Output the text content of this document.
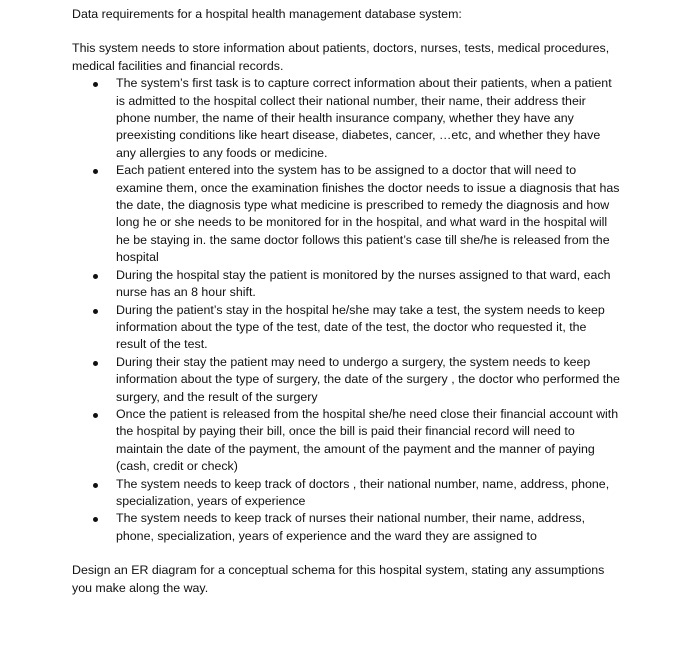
Data requirements for a hospital health management database system:

This system needs to store information about patients, doctors, nurses, tests, medical procedures, medical facilities and financial records.

The system’s first task is to capture correct information about their patients, when a patient is admitted to the hospital collect their national number, their name, their address their phone number, the name of their health insurance company, whether they have any preexisting conditions like heart disease, diabetes, cancer, …etc, and whether they have any allergies to any foods or medicine.
Each patient entered into the system has to be assigned to a doctor that will need to examine them, once the examination finishes the doctor needs to issue a diagnosis that has the date, the diagnosis type what medicine is prescribed to remedy the diagnosis and how long he or she needs to be monitored for in the hospital, and what ward in the hospital will he be staying in. the same doctor follows this patient’s case till she/he is released from the hospital
During the hospital stay the patient is monitored by the nurses assigned to that ward, each nurse has an 8 hour shift.
During the patient’s stay in the hospital he/she may take a test, the system needs to keep information about the type of the test, date of the test, the doctor who requested it, the result of the test.
During their stay the patient may need to undergo a surgery, the system needs to keep information about the type of surgery, the date of the surgery , the doctor who performed the surgery, and the result of the surgery
Once the patient is released from the hospital she/he need close their financial account with the hospital by paying their bill, once the bill is paid their financial record will need to maintain the date of the payment, the amount of the payment and the manner of paying (cash, credit or check)
The system needs to keep track of doctors , their national number, name, address, phone, specialization, years of experience
The system needs to keep track of nurses their national number, their name, address, phone, specialization, years of experience and the ward they are assigned to

Design an ER diagram for a conceptual schema for this hospital system, stating any assumptions you make along the way.
